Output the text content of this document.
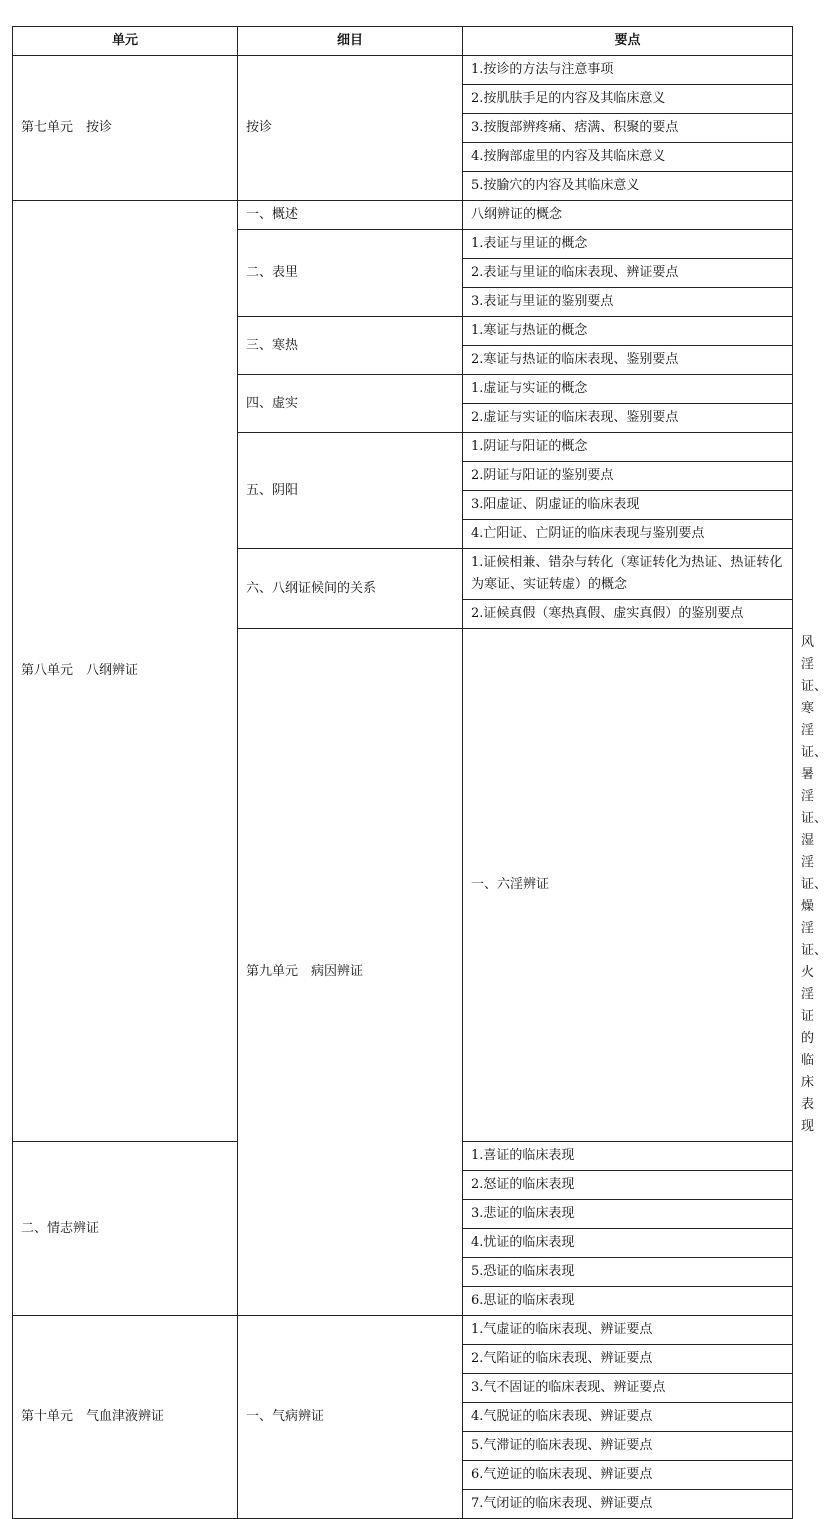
单元	细目	要点	
第七单元　按诊	按诊	1.按诊的方法与注意事项	
		2.按肌肤手足的内容及其临床意义	
		3.按腹部辨疼痛、痞满、积聚的要点	
		4.按胸部虚里的内容及其临床意义	
		5.按腧穴的内容及其临床意义	
第八单元　八纲辨证	一、概述	八纲辨证的概念	
	二、表里	1.表证与里证的概念	
		2.表证与里证的临床表现、辨证要点	
		3.表证与里证的鉴别要点	
	三、寒热	1.寒证与热证的概念	
		2.寒证与热证的临床表现、鉴别要点	
	四、虚实	1.虚证与实证的概念	
		2.虚证与实证的临床表现、鉴别要点	
	五、阴阳	1.阴证与阳证的概念	
		2.阴证与阳证的鉴别要点	
		3.阳虚证、阴虚证的临床表现	
		4.亡阳证、亡阴证的临床表现与鉴别要点	
	六、八纲证候间的关系	1.证候相兼、错杂与转化（寒证转化为热证、热证转化为寒证、实证转虚）的概念	
		2.证候真假（寒热真假、虚实真假）的鉴别要点	
	第九单元　病因辨证	一、六淫辨证	风淫证、寒淫证、暑淫证、湿淫证、燥淫证、火淫证的临床表现
二、情志辨证		1.喜证的临床表现	
		2.怒证的临床表现	
		3.悲证的临床表现	
		4.忧证的临床表现	
		5.恐证的临床表现	
		6.思证的临床表现	
第十单元　气血津液辨证	一、气病辨证	1.气虚证的临床表现、辨证要点	
		2.气陷证的临床表现、辨证要点	
		3.气不固证的临床表现、辨证要点	
		4.气脱证的临床表现、辨证要点	
		5.气滞证的临床表现、辨证要点	
		6.气逆证的临床表现、辨证要点	
		7.气闭证的临床表现、辨证要点	
